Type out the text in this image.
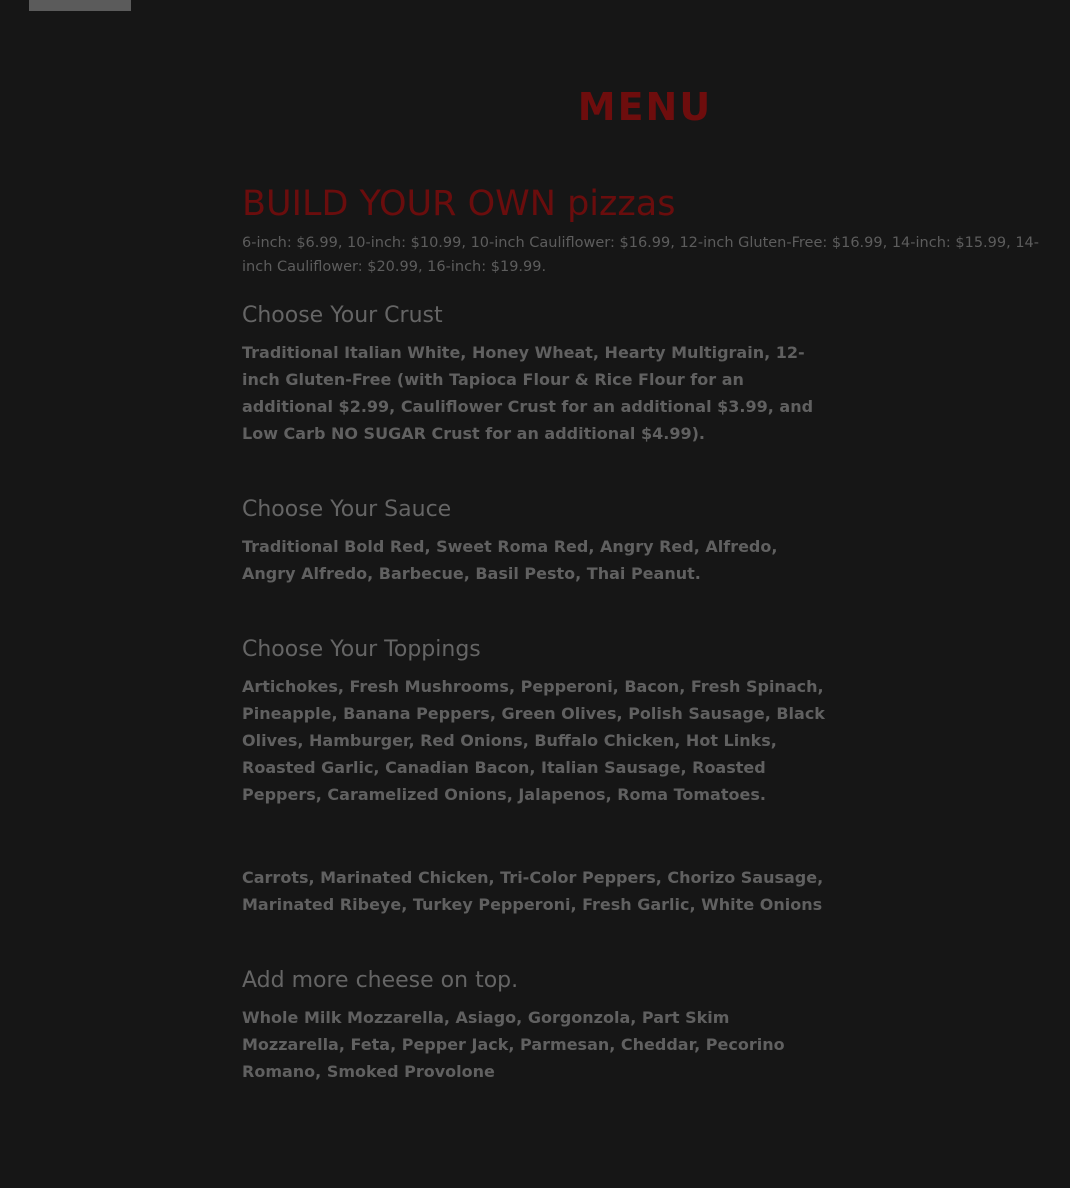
MENU
BUILD YOUR OWN pizzas

6-inch: $6.99, 10-inch: $10.99, 10-inch Cauliflower: $16.99, 12-inch Gluten-Free: $16.99, 14-inch: $15.99, 14-inch Cauliflower: $20.99, 16-inch: $19.99.

Choose Your Crust

Traditional Italian White, Honey Wheat, Hearty Multigrain, 12-inch Gluten-Free (with Tapioca Flour & Rice Flour for an additional $2.99, Cauliflower Crust for an additional $3.99, and Low Carb NO SUGAR Crust for an additional $4.99).

Choose Your Sauce

Traditional Bold Red, Sweet Roma Red, Angry Red, Alfredo, Angry Alfredo, Barbecue, Basil Pesto, Thai Peanut.

Choose Your Toppings

Artichokes, Fresh Mushrooms, Pepperoni, Bacon, Fresh Spinach, Pineapple, Banana Peppers, Green Olives, Polish Sausage, Black Olives, Hamburger, Red Onions, Buffalo Chicken, Hot Links, Roasted Garlic, Canadian Bacon, Italian Sausage, Roasted Peppers, Caramelized Onions, Jalapenos, Roma Tomatoes.

Carrots, Marinated Chicken, Tri-Color Peppers, Chorizo Sausage, Marinated Ribeye, Turkey Pepperoni, Fresh Garlic, White Onions

Add more cheese on top.

Whole Milk Mozzarella, Asiago, Gorgonzola, Part Skim Mozzarella, Feta, Pepper Jack, Parmesan, Cheddar, Pecorino Romano, Smoked Provolone
